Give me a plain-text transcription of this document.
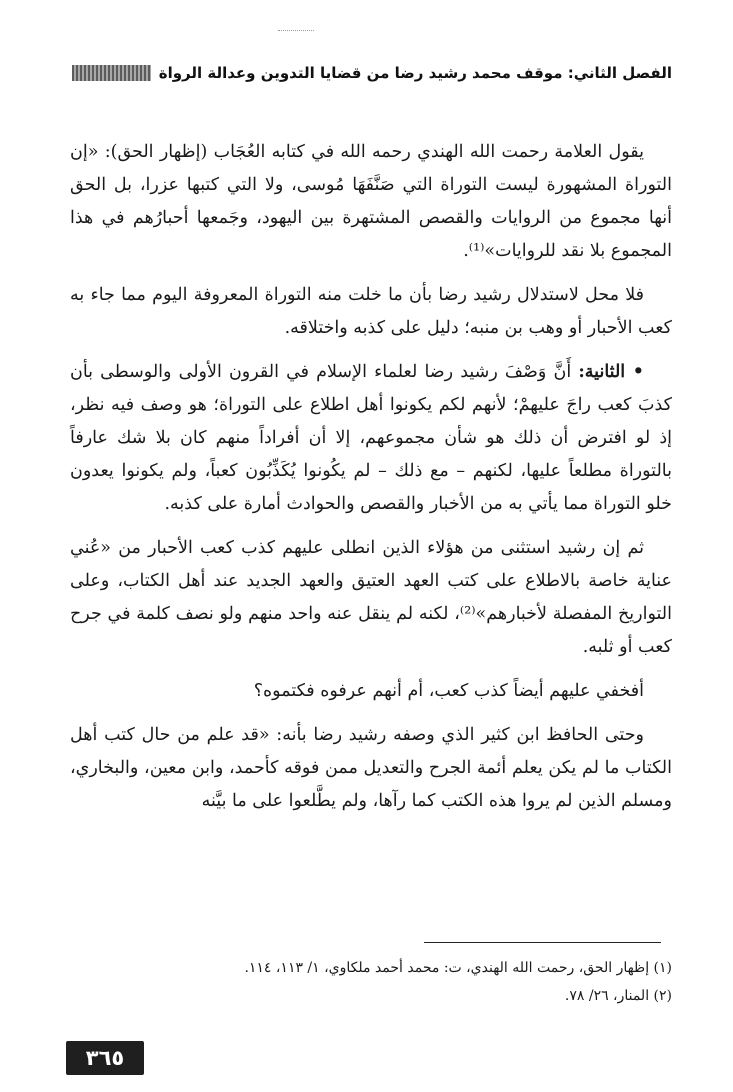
الفصل الثاني: موقف محمد رشيد رضا من قضايا التدوين وعدالة الرواة

يقول العلامة رحمت الله الهندي رحمه الله في كتابه العُجَاب (إظهار الحق): «إن التوراة المشهورة ليست التوراة التي صَنَّفَهَا مُوسى، ولا التي كتبها عزرا، بل الحق أنها مجموع من الروايات والقصص المشتهرة بين اليهود، وجَمعها أحبارُهم في هذا المجموع بلا نقد للروايات»⁽¹⁾.

فلا محل لاستدلال رشيد رضا بأن ما خلت منه التوراة المعروفة اليوم مما جاء به كعب الأحبار أو وهب بن منبه؛ دليل على كذبه واختلاقه.

• الثانية: أَنَّ وَصْفَ رشيد رضا لعلماء الإسلام في القرون الأولى والوسطى بأن كذبَ كعب راجَ عليهمْ؛ لأنهم لكم يكونوا أهل اطلاع على التوراة؛ هو وصف فيه نظر، إذ لو افترض أن ذلك هو شأن مجموعهم، إلا أن أفراداً منهم كان بلا شك عارفاً بالتوراة مطلعاً عليها، لكنهم – مع ذلك – لم يكُونوا يُكَذِّبُون كعباً، ولم يكونوا يعدون خلو التوراة مما يأتي به من الأخبار والقصص والحوادث أمارة على كذبه.

ثم إن رشيد استثنى من هؤلاء الذين انطلى عليهم كذب كعب الأحبار من «عُني عناية خاصة بالاطلاع على كتب العهد العتيق والعهد الجديد عند أهل الكتاب، وعلى التواريخ المفصلة لأخبارهم»⁽²⁾، لكنه لم ينقل عنه واحد منهم ولو نصف كلمة في جرح كعب أو ثلبه.

أفخفي عليهم أيضاً كذب كعب، أم أنهم عرفوه فكتموه؟

وحتى الحافظ ابن كثير الذي وصفه رشيد رضا بأنه: «قد علم من حال كتب أهل الكتاب ما لم يكن يعلم أئمة الجرح والتعديل ممن فوقه كأحمد، وابن معين، والبخاري، ومسلم الذين لم يروا هذه الكتب كما رآها، ولم يطَّلعوا على ما بيَّنه

(١) إظهار الحق، رحمت الله الهندي، ت: محمد أحمد ملكاوي، ١/ ١١٣، ١١٤.

(٢) المنار، ٢٦/ ٧٨.

٣٦٥
